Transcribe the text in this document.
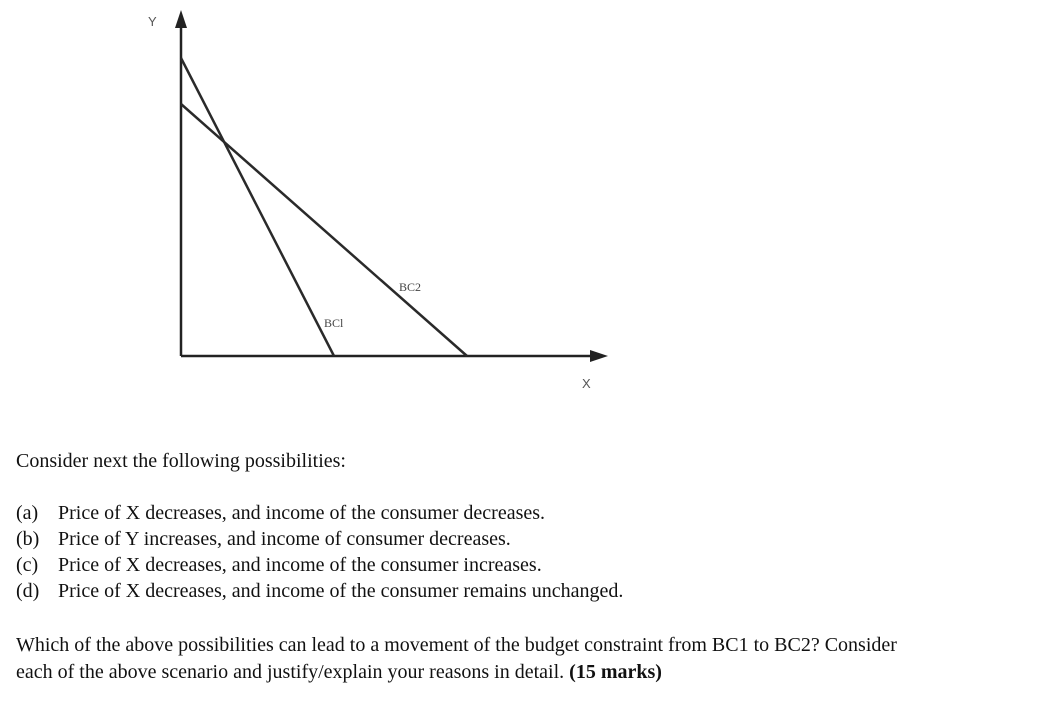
Y
X
BCl
BC2
Consider next the following possibilities:
(a) Price of X decreases, and income of the consumer decreases.
(b) Price of Y increases, and income of consumer decreases.
(c) Price of X decreases, and income of the consumer increases.
(d) Price of X decreases, and income of the consumer remains unchanged.
Which of the above possibilities can lead to a movement of the budget constraint from BC1 to BC2? Consider
each of the above scenario and justify/explain your reasons in detail. (15 marks)
